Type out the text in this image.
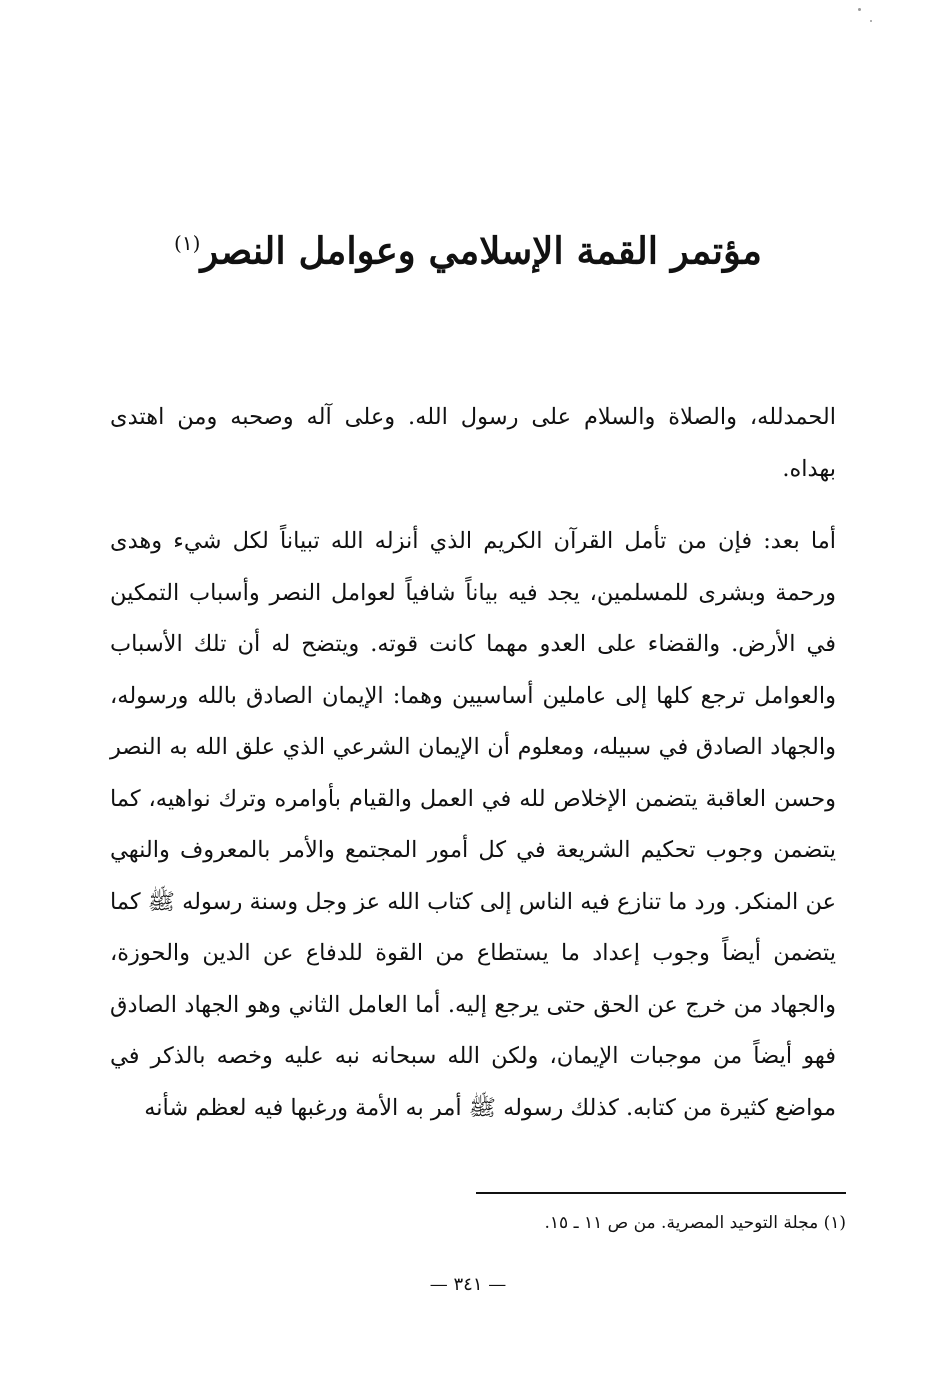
مؤتمر القمة الإسلامي وعوامل النصر$^{(١)}$

الحمدلله، والصلاة والسلام على رسول الله. وعلى آله وصحبه ومن اهتدى بهداه.

أما بعد: فإن من تأمل القرآن الكريم الذي أنزله الله تبياناً لكل شيء وهدى ورحمة وبشرى للمسلمين، يجد فيه بياناً شافياً لعوامل النصر وأسباب التمكين في الأرض. والقضاء على العدو مهما كانت قوته. ويتضح له أن تلك الأسباب والعوامل ترجع كلها إلى عاملين أساسيين وهما: الإيمان الصادق بالله ورسوله، والجهاد الصادق في سبيله، ومعلوم أن الإيمان الشرعي الذي علق الله به النصر وحسن العاقبة يتضمن الإخلاص لله في العمل والقيام بأوامره وترك نواهيه، كما يتضمن وجوب تحكيم الشريعة في كل أمور المجتمع والأمر بالمعروف والنهي عن المنكر. ورد ما تنازع فيه الناس إلى كتاب الله عز وجل وسنة رسوله ﷺ كما يتضمن أيضاً وجوب إعداد ما يستطاع من القوة للدفاع عن الدين والحوزة، والجهاد من خرج عن الحق حتى يرجع إليه. أما العامل الثاني وهو الجهاد الصادق فهو أيضاً من موجبات الإيمان، ولكن الله سبحانه نبه عليه وخصه بالذكر في مواضع كثيرة من كتابه. كذلك رسوله ﷺ أمر به الأمة ورغبها فيه لعظم شأنه

(١) مجلة التوحيد المصرية. من ص ١١ ـ ١٥.
— ٣٤١ —
